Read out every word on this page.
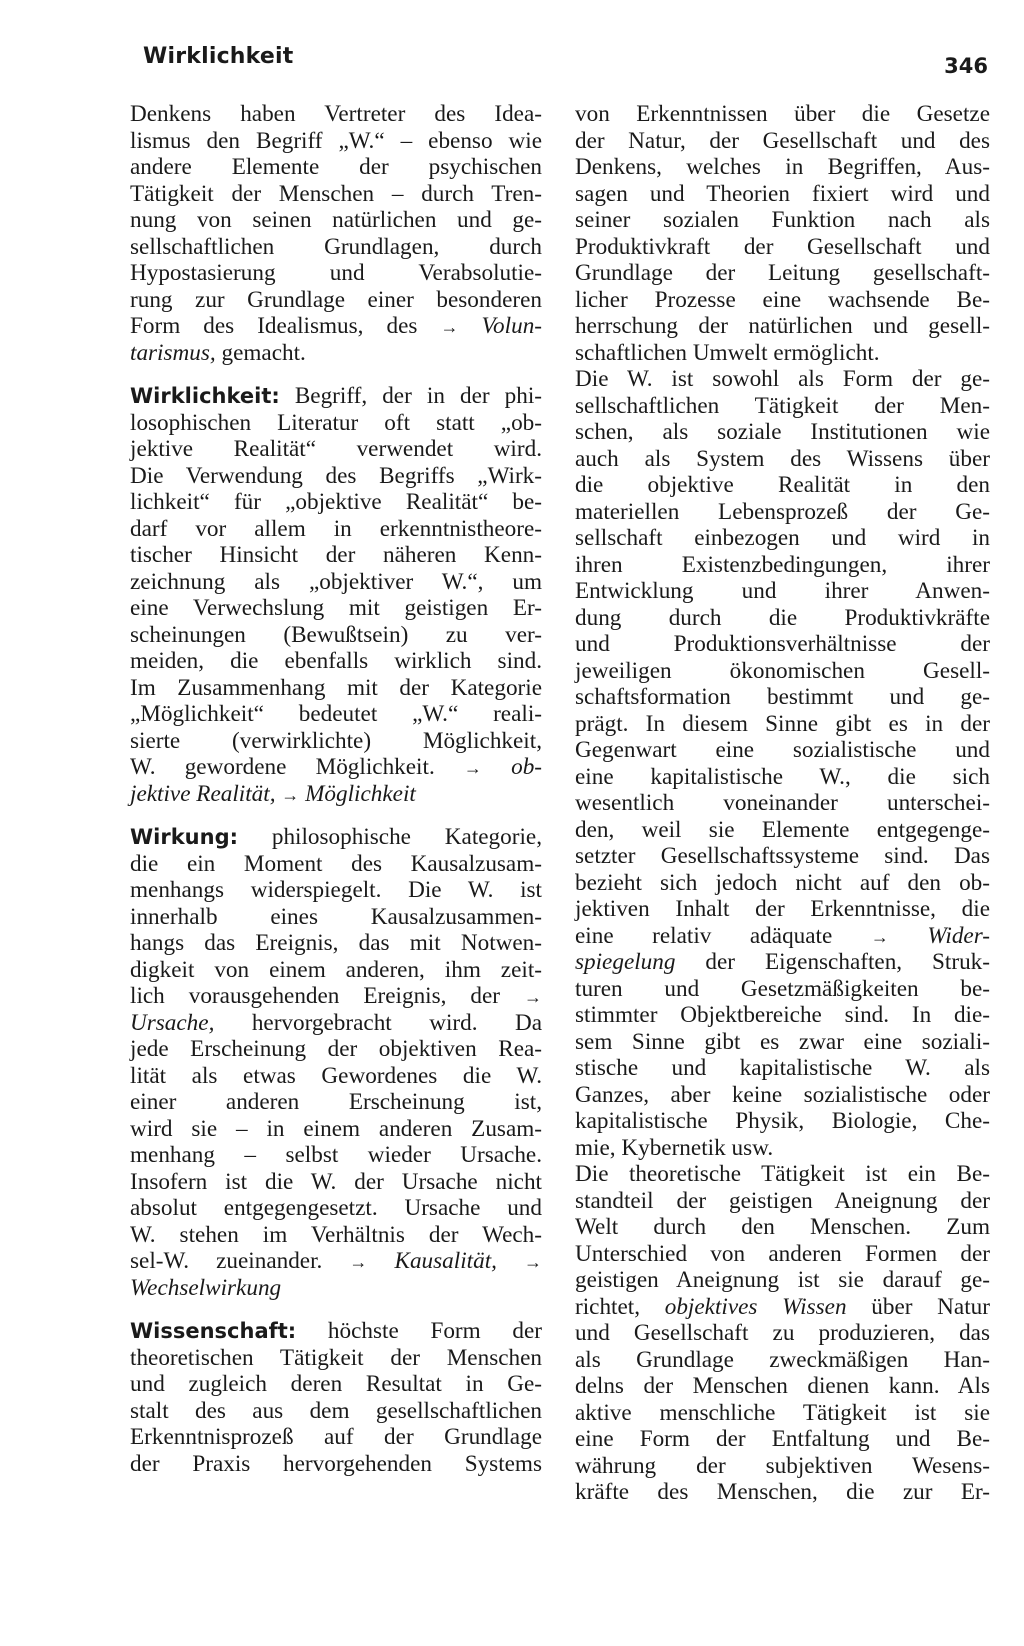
Wirklichkeit	346
Denkens haben Vertreter des Idea-
lismus den Begriff „W.“ – ebenso wie
andere Elemente der psychischen
Tätigkeit der Menschen – durch Tren-
nung von seinen natürlichen und ge-
sellschaftlichen Grundlagen, durch
Hypostasierung und Verabsolutie-
rung zur Grundlage einer besonderen
Form des Idealismus, des → Volun-
tarismus, gemacht.
Wirklichkeit: Begriff, der in der phi-
losophischen Literatur oft statt „ob-
jektive Realität“ verwendet wird.
Die Verwendung des Begriffs „Wirk-
lichkeit“ für „objektive Realität“ be-
darf vor allem in erkenntnistheore-
tischer Hinsicht der näheren Kenn-
zeichnung als „objektiver W.“, um
eine Verwechslung mit geistigen Er-
scheinungen (Bewußtsein) zu ver-
meiden, die ebenfalls wirklich sind.
Im Zusammenhang mit der Kategorie
„Möglichkeit“ bedeutet „W.“ reali-
sierte (verwirklichte) Möglichkeit,
W. gewordene Möglichkeit. → ob-
jektive Realität, → Möglichkeit
Wirkung: philosophische Kategorie,
die ein Moment des Kausalzusam-
menhangs widerspiegelt. Die W. ist
innerhalb eines Kausalzusammen-
hangs das Ereignis, das mit Notwen-
digkeit von einem anderen, ihm zeit-
lich vorausgehenden Ereignis, der →
Ursache, hervorgebracht wird. Da
jede Erscheinung der objektiven Rea-
lität als etwas Gewordenes die W.
einer anderen Erscheinung ist,
wird sie – in einem anderen Zusam-
menhang – selbst wieder Ursache.
Insofern ist die W. der Ursache nicht
absolut entgegengesetzt. Ursache und
W. stehen im Verhältnis der Wech-
sel-W. zueinander. → Kausalität, →
Wechselwirkung
Wissenschaft: höchste Form der
theoretischen Tätigkeit der Menschen
und zugleich deren Resultat in Ge-
stalt des aus dem gesellschaftlichen
Erkenntnisprozeß auf der Grundlage
der Praxis hervorgehenden Systems
von Erkenntnissen über die Gesetze
der Natur, der Gesellschaft und des
Denkens, welches in Begriffen, Aus-
sagen und Theorien fixiert wird und
seiner sozialen Funktion nach als
Produktivkraft der Gesellschaft und
Grundlage der Leitung gesellschaft-
licher Prozesse eine wachsende Be-
herrschung der natürlichen und gesell-
schaftlichen Umwelt ermöglicht.
Die W. ist sowohl als Form der ge-
sellschaftlichen Tätigkeit der Men-
schen, als soziale Institutionen wie
auch als System des Wissens über
die objektive Realität in den
materiellen Lebensprozeß der Ge-
sellschaft einbezogen und wird in
ihren Existenzbedingungen, ihrer
Entwicklung und ihrer Anwen-
dung durch die Produktivkräfte
und Produktionsverhältnisse der
jeweiligen ökonomischen Gesell-
schaftsformation bestimmt und ge-
prägt. In diesem Sinne gibt es in der
Gegenwart eine sozialistische und
eine kapitalistische W., die sich
wesentlich voneinander unterschei-
den, weil sie Elemente entgegenge-
setzter Gesellschaftssysteme sind. Das
bezieht sich jedoch nicht auf den ob-
jektiven Inhalt der Erkenntnisse, die
eine relativ adäquate → Wider-
spiegelung der Eigenschaften, Struk-
turen und Gesetzmäßigkeiten be-
stimmter Objektbereiche sind. In die-
sem Sinne gibt es zwar eine soziali-
stische und kapitalistische W. als
Ganzes, aber keine sozialistische oder
kapitalistische Physik, Biologie, Che-
mie, Kybernetik usw.
Die theoretische Tätigkeit ist ein Be-
standteil der geistigen Aneignung der
Welt durch den Menschen. Zum
Unterschied von anderen Formen der
geistigen Aneignung ist sie darauf ge-
richtet, objektives Wissen über Natur
und Gesellschaft zu produzieren, das
als Grundlage zweckmäßigen Han-
delns der Menschen dienen kann. Als
aktive menschliche Tätigkeit ist sie
eine Form der Entfaltung und Be-
währung der subjektiven Wesens-
kräfte des Menschen, die zur Er-
